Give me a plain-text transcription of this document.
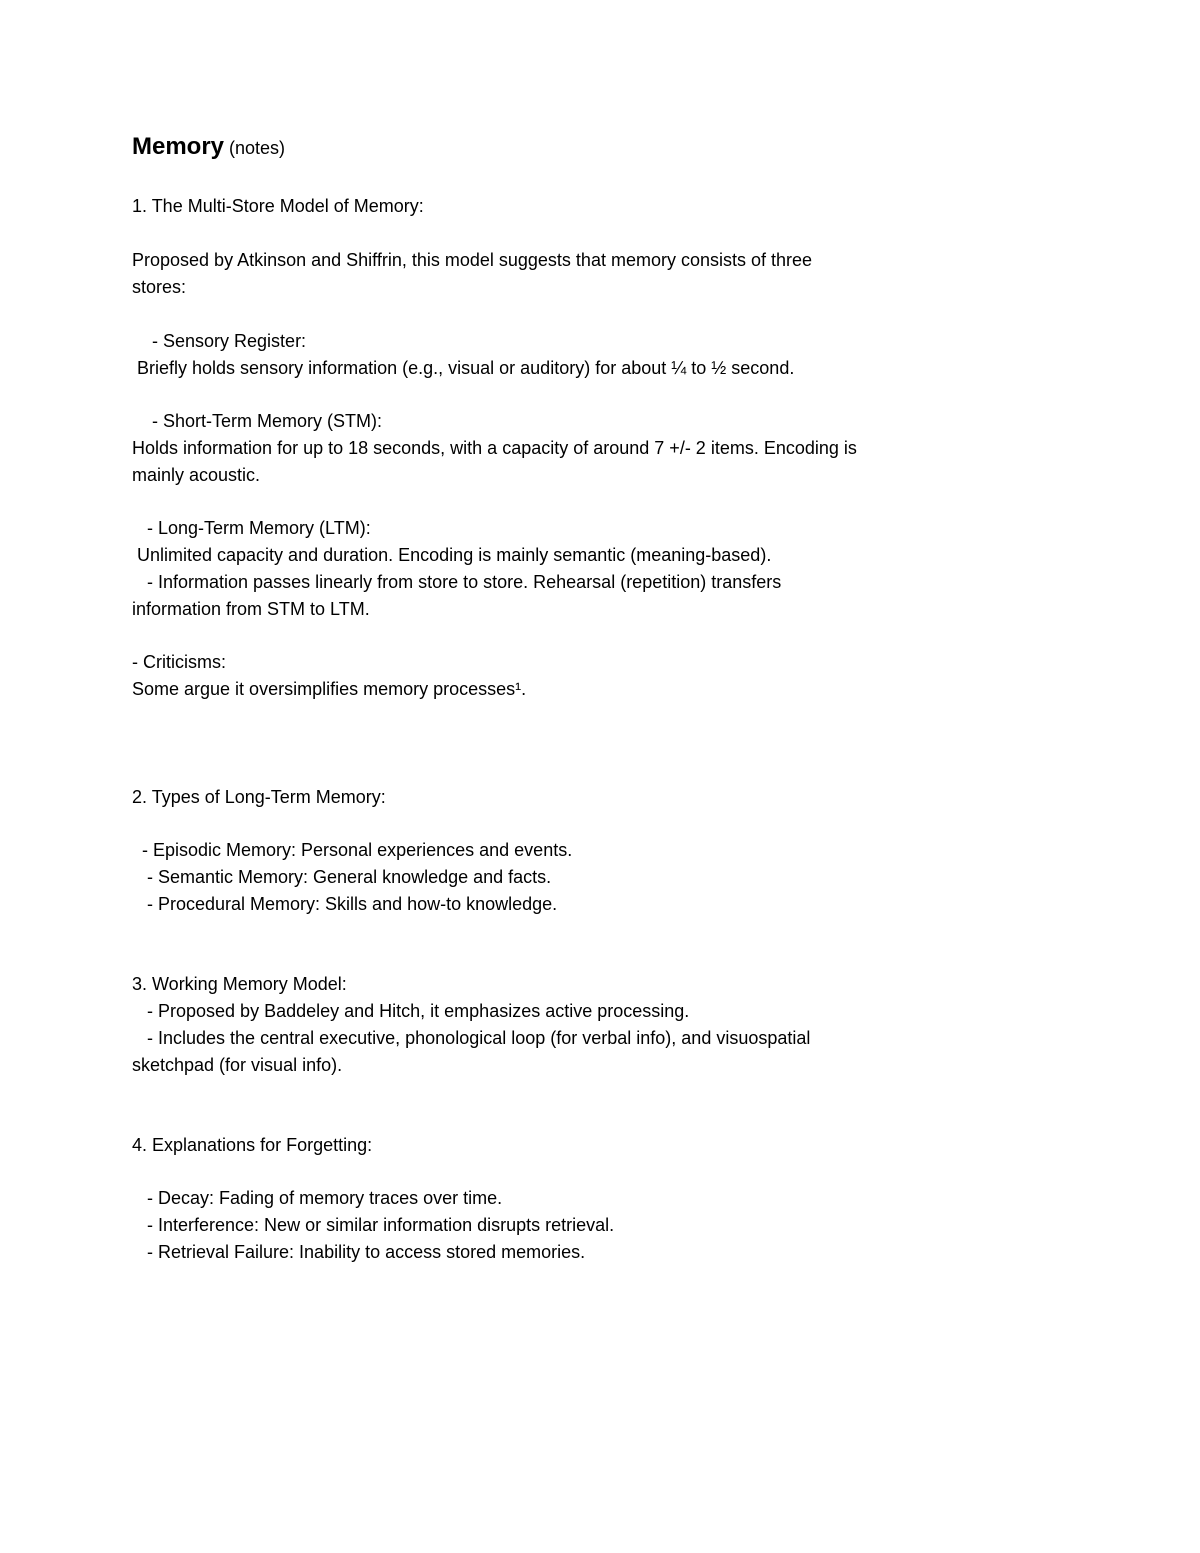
Memory (notes)

1. The Multi-Store Model of Memory:

Proposed by Atkinson and Shiffrin, this model suggests that memory consists of three

stores:

- Sensory Register:

Briefly holds sensory information (e.g., visual or auditory) for about ¼ to ½ second.

- Short-Term Memory (STM):

Holds information for up to 18 seconds, with a capacity of around 7 +/- 2 items. Encoding is

mainly acoustic.

- Long-Term Memory (LTM):

Unlimited capacity and duration. Encoding is mainly semantic (meaning-based).

- Information passes linearly from store to store. Rehearsal (repetition) transfers

information from STM to LTM.

- Criticisms:

Some argue it oversimplifies memory processes¹.

2. Types of Long-Term Memory:

- Episodic Memory: Personal experiences and events.

- Semantic Memory: General knowledge and facts.

- Procedural Memory: Skills and how-to knowledge.

3. Working Memory Model:

- Proposed by Baddeley and Hitch, it emphasizes active processing.

- Includes the central executive, phonological loop (for verbal info), and visuospatial

sketchpad (for visual info).

4. Explanations for Forgetting:

- Decay: Fading of memory traces over time.

- Interference: New or similar information disrupts retrieval.

- Retrieval Failure: Inability to access stored memories.
